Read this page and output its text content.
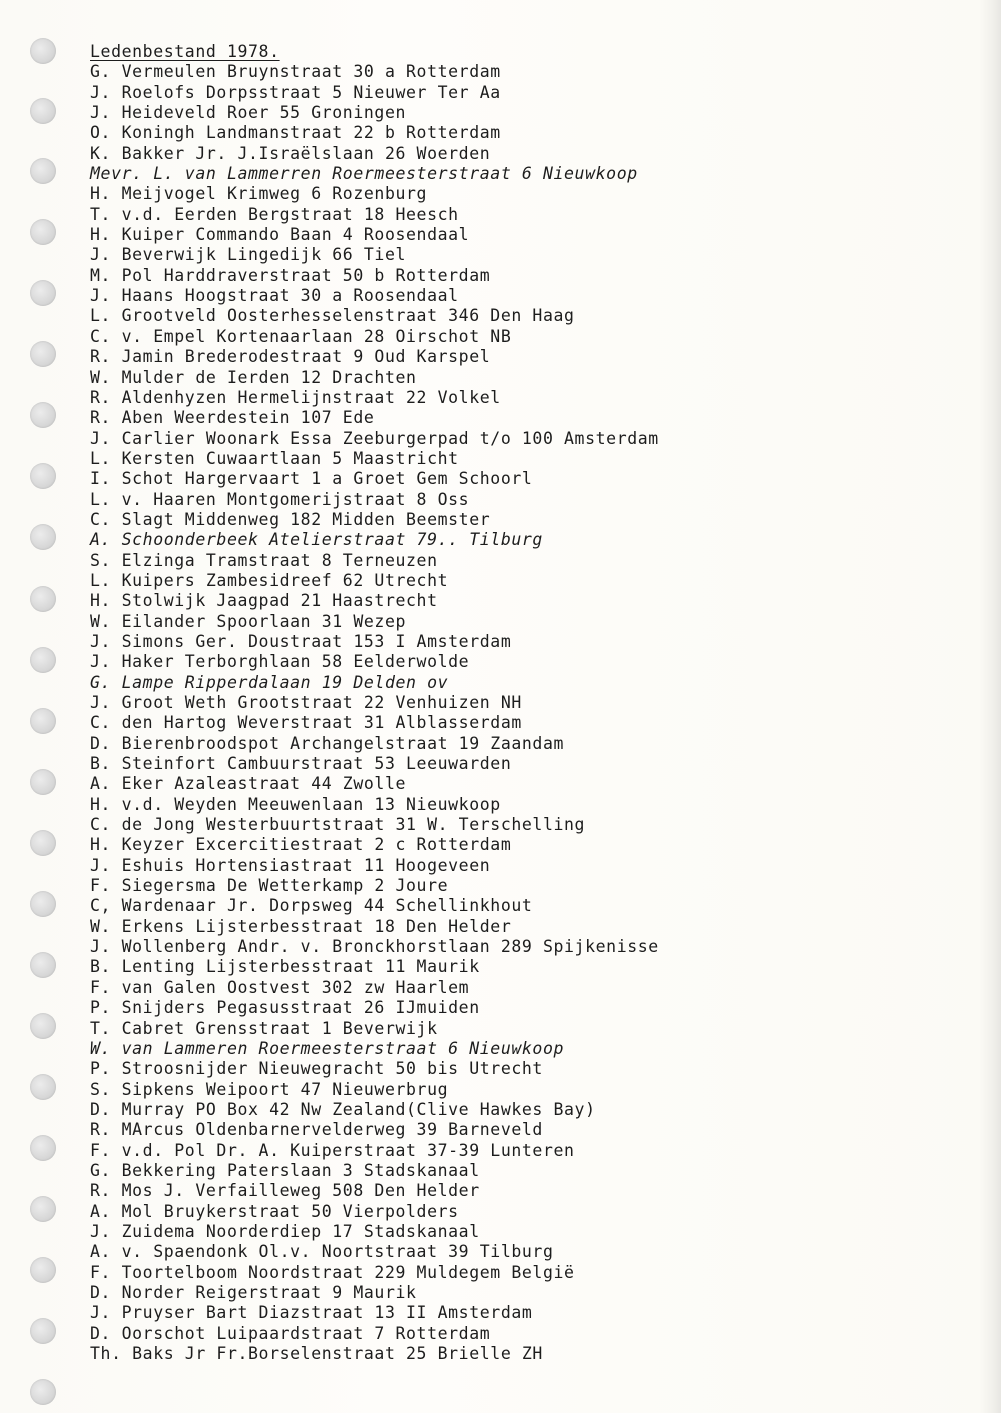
Ledenbestand 1978.
G. Vermeulen Bruynstraat 30 a Rotterdam
J. Roelofs Dorpsstraat 5 Nieuwer Ter Aa
J. Heideveld Roer 55 Groningen
O. Koningh Landmanstraat 22 b Rotterdam
K. Bakker Jr. J.Israëlslaan 26 Woerden
Mevr. L. van Lammerren Roermeesterstraat 6 Nieuwkoop
H. Meijvogel Krimweg 6 Rozenburg
T. v.d. Eerden Bergstraat 18 Heesch
H. Kuiper Commando Baan 4 Roosendaal
J. Beverwijk Lingedijk 66 Tiel
M. Pol Harddraverstraat 50 b Rotterdam
J. Haans Hoogstraat 30 a Roosendaal
L. Grootveld Oosterhesselenstraat 346 Den Haag
C. v. Empel Kortenaarlaan 28 Oirschot NB
R. Jamin Brederodestraat 9 Oud Karspel
W. Mulder de Ierden 12 Drachten
R. Aldenhyzen Hermelijnstraat 22 Volkel
R. Aben Weerdestein 107 Ede
J. Carlier Woonark Essa Zeeburgerpad t/o 100 Amsterdam
L. Kersten Cuwaartlaan 5 Maastricht
I. Schot Hargervaart 1 a Groet Gem Schoorl
L. v. Haaren Montgomerijstraat 8 Oss
C. Slagt Middenweg 182 Midden Beemster
A. Schoonderbeek Atelierstraat 79.. Tilburg
S. Elzinga Tramstraat 8 Terneuzen
L. Kuipers Zambesidreef 62 Utrecht
H. Stolwijk Jaagpad 21 Haastrecht
W. Eilander Spoorlaan 31 Wezep
J. Simons Ger. Doustraat 153 I Amsterdam
J. Haker Terborghlaan 58 Eelderwolde
G. Lampe Ripperdalaan 19 Delden ov
J. Groot Weth Grootstraat 22 Venhuizen NH
C. den Hartog Weverstraat 31 Alblasserdam
D. Bierenbroodspot Archangelstraat 19 Zaandam
B. Steinfort Cambuurstraat 53 Leeuwarden
A. Eker Azaleastraat 44 Zwolle
H. v.d. Weyden Meeuwenlaan 13 Nieuwkoop
C. de Jong Westerbuurtstraat 31 W. Terschelling
H. Keyzer Excercitiestraat 2 c Rotterdam
J. Eshuis Hortensiastraat 11 Hoogeveen
F. Siegersma De Wetterkamp 2 Joure
C, Wardenaar Jr. Dorpsweg 44 Schellinkhout
W. Erkens Lijsterbesstraat 18 Den Helder
J. Wollenberg Andr. v. Bronckhorstlaan 289 Spijkenisse
B. Lenting Lijsterbesstraat 11 Maurik
F. van Galen Oostvest 302 zw Haarlem
P. Snijders Pegasusstraat 26 IJmuiden
T. Cabret Grensstraat 1 Beverwijk
W. van Lammeren Roermeesterstraat 6 Nieuwkoop
P. Stroosnijder Nieuwegracht 50 bis Utrecht
S. Sipkens Weipoort 47 Nieuwerbrug
D. Murray PO Box 42 Nw Zealand(Clive Hawkes Bay)
R. MArcus Oldenbarnervelderweg 39 Barneveld
F. v.d. Pol Dr. A. Kuiperstraat 37-39 Lunteren
G. Bekkering Paterslaan 3 Stadskanaal
R. Mos J. Verfailleweg 508 Den Helder
A. Mol Bruykerstraat 50 Vierpolders
J. Zuidema Noorderdiep 17 Stadskanaal
A. v. Spaendonk Ol.v. Noortstraat 39 Tilburg
F. Toortelboom Noordstraat 229 Muldegem België
D. Norder Reigerstraat 9 Maurik
J. Pruyser Bart Diazstraat 13 II Amsterdam
D. Oorschot Luipaardstraat 7 Rotterdam
Th. Baks Jr Fr.Borselenstraat 25 Brielle ZH
